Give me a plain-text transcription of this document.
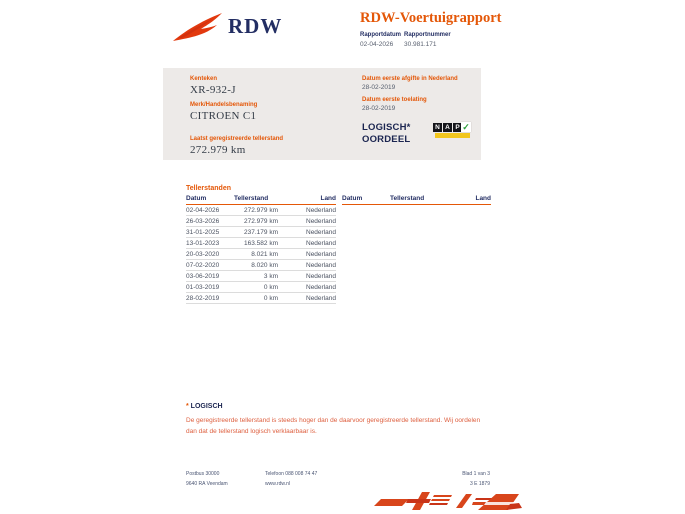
RDW	RDW-Voertuigrapport
Rapportdatum
02-04-2026
Rapportnummer
30.981.171
Kenteken
XR-932-J
Merk/Handelsbenaming
CITROEN C1
Laatst geregistreerde tellerstand
272.979 km
Datum eerste afgifte in Nederland
28-02-2019
Datum eerste toelating
28-02-2019
LOGISCH*
OORDEEL
N A P ✓
Tellerstanden
Datum	Tellerstand	Land
02-04-2026	272.979 km	Nederland
26-03-2026	272.979 km	Nederland
31-01-2025	237.179 km	Nederland
13-01-2023	163.582 km	Nederland
20-03-2020	8.021 km	Nederland
07-02-2020	8.020 km	Nederland
03-06-2019	3 km	Nederland
01-03-2019	0 km	Nederland
28-02-2019	0 km	Nederland
Datum	Tellerstand	Land
* LOGISCH
De geregistreerde tellerstand is steeds hoger dan de daarvoor geregistreerde tellerstand. Wij oordelen dan dat de tellerstand logisch verklaarbaar is.
Postbus 30000
9640 RA Veendam
Telefoon 088 008 74 47
www.rdw.nl
Blad 1 van 3
3 E 1879
